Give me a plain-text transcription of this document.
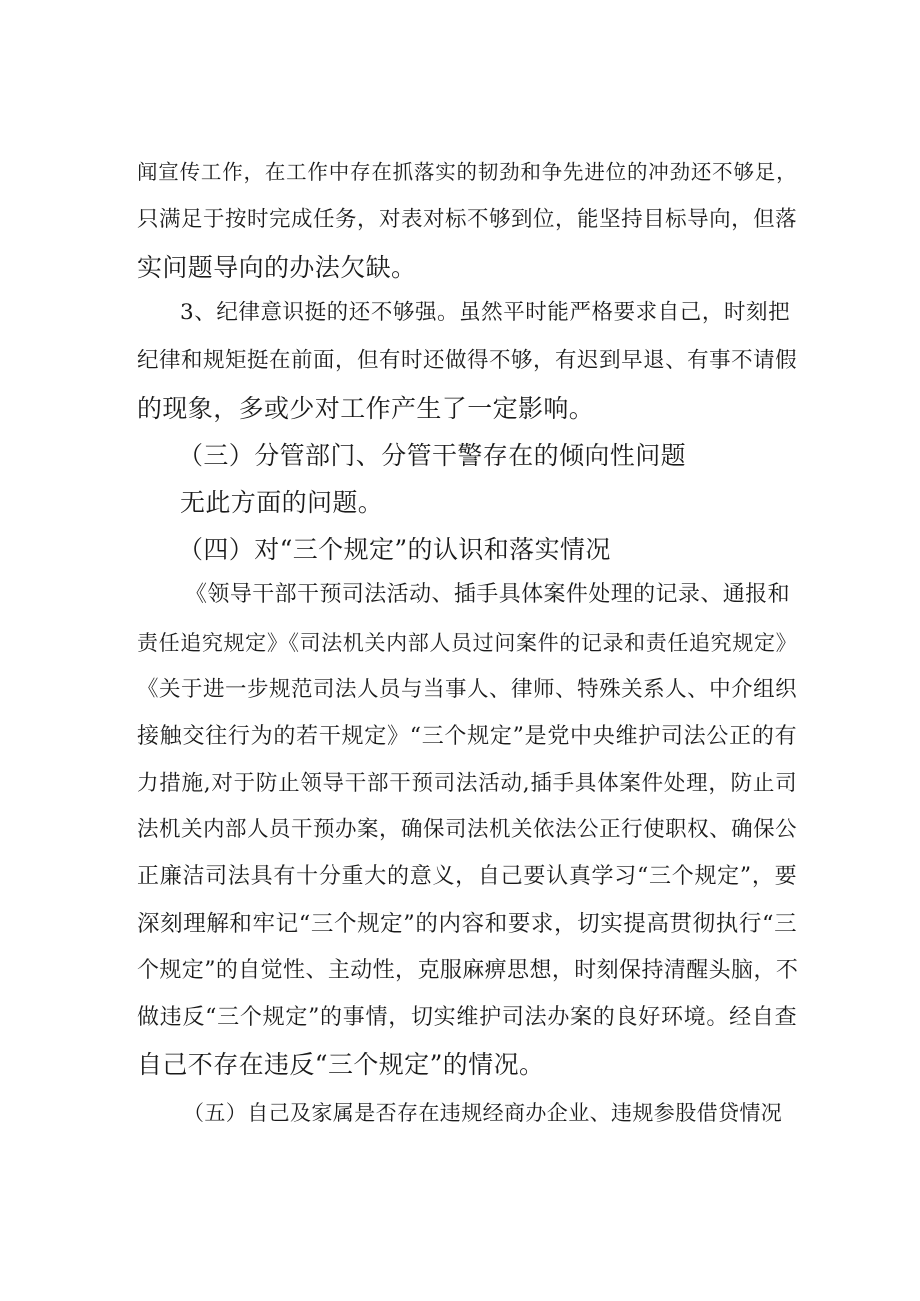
闻宣传工作，在工作中存在抓落实的韧劲和争先进位的冲劲还不够足，
只满足于按时完成任务，对表对标不够到位，能坚持目标导向，但落
实问题导向的办法欠缺。
3、纪律意识挺的还不够强。虽然平时能严格要求自己，时刻把
纪律和规矩挺在前面，但有时还做得不够，有迟到早退、有事不请假
的现象，多或少对工作产生了一定影响。
（三）分管部门、分管干警存在的倾向性问题
无此方面的问题。
（四）对“三个规定”的认识和落实情况
《领导干部干预司法活动、插手具体案件处理的记录、通报和
责任追究规定》《司法机关内部人员过问案件的记录和责任追究规定》
《关于进一步规范司法人员与当事人、律师、特殊关系人、中介组织
接触交往行为的若干规定》“三个规定”是党中央维护司法公正的有
力措施,对于防止领导干部干预司法活动,插手具体案件处理，防止司
法机关内部人员干预办案，确保司法机关依法公正行使职权、确保公
正廉洁司法具有十分重大的意义，自己要认真学习“三个规定”，要
深刻理解和牢记“三个规定”的内容和要求，切实提高贯彻执行“三
个规定”的自觉性、主动性，克服麻痹思想，时刻保持清醒头脑，不
做违反“三个规定”的事情，切实维护司法办案的良好环境。经自查
自己不存在违反“三个规定”的情况。
（五）自己及家属是否存在违规经商办企业、违规参股借贷情况
